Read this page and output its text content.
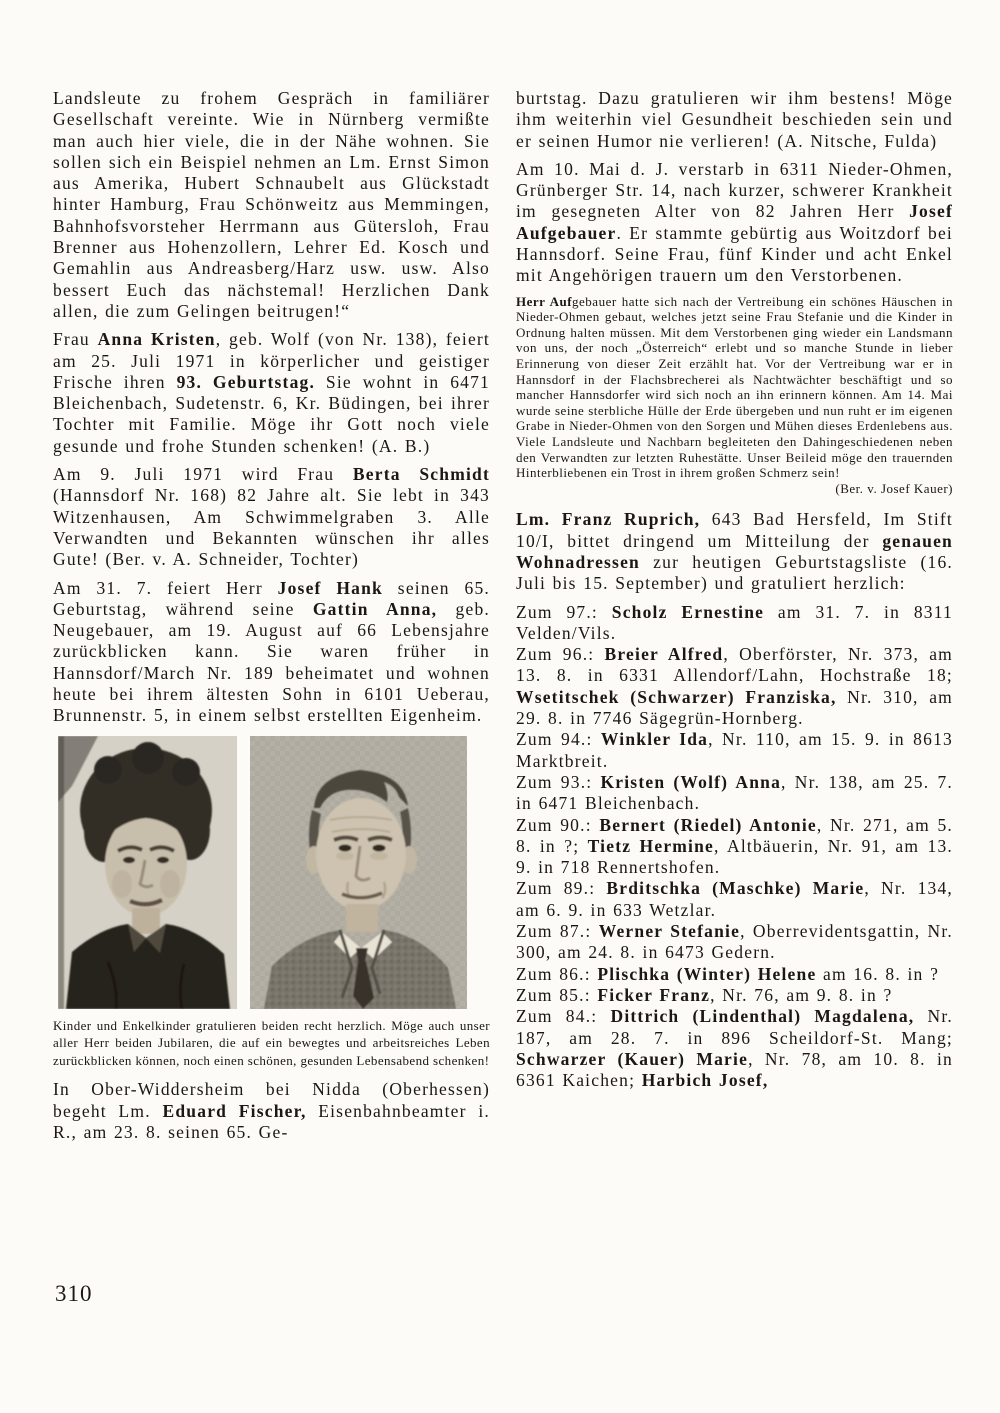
Landsleute zu frohem Gespräch in familiärer Gesellschaft vereinte. Wie in Nürnberg vermißte man auch hier viele, die in der Nähe wohnen. Sie sollen sich ein Beispiel nehmen an Lm. Ernst Simon aus Amerika, Hubert Schnaubelt aus Glückstadt hinter Hamburg, Frau Schönweitz aus Memmingen, Bahnhofsvorsteher Herrmann aus Gütersloh, Frau Brenner aus Hohenzollern, Lehrer Ed. Kosch und Gemahlin aus Andreasberg/Harz usw. usw. Also bessert Euch das nächstemal! Herzlichen Dank allen, die zum Gelingen beitrugen!“

Frau Anna Kristen, geb. Wolf (von Nr. 138), feiert am 25. Juli 1971 in körperlicher und geistiger Frische ihren 93. Geburtstag. Sie wohnt in 6471 Bleichenbach, Sudetenstr. 6, Kr. Büdingen, bei ihrer Tochter mit Familie. Möge ihr Gott noch viele gesunde und frohe Stunden schenken! (A. B.)

Am 9. Juli 1971 wird Frau Berta Schmidt (Hannsdorf Nr. 168) 82 Jahre alt. Sie lebt in 343 Witzenhausen, Am Schwimmelgraben 3. Alle Verwandten und Bekannten wünschen ihr alles Gute! (Ber. v. A. Schneider, Tochter)

Am 31. 7. feiert Herr Josef Hank seinen 65. Geburtstag, während seine Gattin Anna, geb. Neugebauer, am 19. August auf 66 Lebensjahre zurückblicken kann. Sie waren früher in Hannsdorf/March Nr. 189 beheimatet und wohnen heute bei ihrem ältesten Sohn in 6101 Ueberau, Brunnenstr. 5, in einem selbst erstellten Eigenheim.

Kinder und Enkelkinder gratulieren beiden recht herzlich. Möge auch unser aller Herr beiden Jubilaren, die auf ein bewegtes und arbeitsreiches Leben zurückblicken können, noch einen schönen, gesunden Lebensabend schenken!

In Ober-Widdersheim bei Nidda (Oberhessen) begeht Lm. Eduard Fischer, Eisenbahnbeamter i. R., am 23. 8. seinen 65. Ge-

burtstag. Dazu gratulieren wir ihm bestens! Möge ihm weiterhin viel Gesundheit beschieden sein und er seinen Humor nie verlieren! (A. Nitsche, Fulda)

Am 10. Mai d. J. verstarb in 6311 Nieder-Ohmen, Grünberger Str. 14, nach kurzer, schwerer Krankheit im gesegneten Alter von 82 Jahren Herr Josef Aufgebauer. Er stammte gebürtig aus Woitzdorf bei Hannsdorf. Seine Frau, fünf Kinder und acht Enkel mit Angehörigen trauern um den Verstorbenen.

Herr Aufgebauer hatte sich nach der Vertreibung ein schönes Häuschen in Nieder-Ohmen gebaut, welches jetzt seine Frau Stefanie und die Kinder in Ordnung halten müssen. Mit dem Verstorbenen ging wieder ein Landsmann von uns, der noch „Österreich“ erlebt und so manche Stunde in lieber Erinnerung von dieser Zeit erzählt hat. Vor der Vertreibung war er in Hannsdorf in der Flachsbrecherei als Nachtwächter beschäftigt und so mancher Hannsdorfer wird sich noch an ihn erinnern können. Am 14. Mai wurde seine sterbliche Hülle der Erde übergeben und nun ruht er im eigenen Grabe in Nieder-Ohmen von den Sorgen und Mühen dieses Erdenlebens aus. Viele Landsleute und Nachbarn begleiteten den Dahingeschiedenen neben den Verwandten zur letzten Ruhestätte. Unser Beileid möge den trauernden Hinterbliebenen ein Trost in ihrem großen Schmerz sein!

(Ber. v. Josef Kauer)

Lm. Franz Ruprich, 643 Bad Hersfeld, Im Stift 10/I, bittet dringend um Mitteilung der genauen Wohnadressen zur heutigen Geburtstagsliste (16. Juli bis 15. September) und gratuliert herzlich:

Zum 97.: Scholz Ernestine am 31. 7. in 8311 Velden/Vils.

Zum 96.: Breier Alfred, Oberförster, Nr. 373, am 13. 8. in 6331 Allendorf/Lahn, Hochstraße 18; Wsetitschek (Schwarzer) Franziska, Nr. 310, am 29. 8. in 7746 Sägegrün-Hornberg.

Zum 94.: Winkler Ida, Nr. 110, am 15. 9. in 8613 Marktbreit.

Zum 93.: Kristen (Wolf) Anna, Nr. 138, am 25. 7. in 6471 Bleichenbach.

Zum 90.: Bernert (Riedel) Antonie, Nr. 271, am 5. 8. in ?; Tietz Hermine, Altbäuerin, Nr. 91, am 13. 9. in 718 Rennertshofen.

Zum 89.: Brditschka (Maschke) Marie, Nr. 134, am 6. 9. in 633 Wetzlar.

Zum 87.: Werner Stefanie, Oberrevidentsgattin, Nr. 300, am 24. 8. in 6473 Gedern.

Zum 86.: Plischka (Winter) Helene am 16. 8. in ?

Zum 85.: Ficker Franz, Nr. 76, am 9. 8. in ?

Zum 84.: Dittrich (Lindenthal) Magdalena, Nr. 187, am 28. 7. in 896 Scheildorf-St. Mang; Schwarzer (Kauer) Marie, Nr. 78, am 10. 8. in 6361 Kaichen; Harbich Josef,

310
